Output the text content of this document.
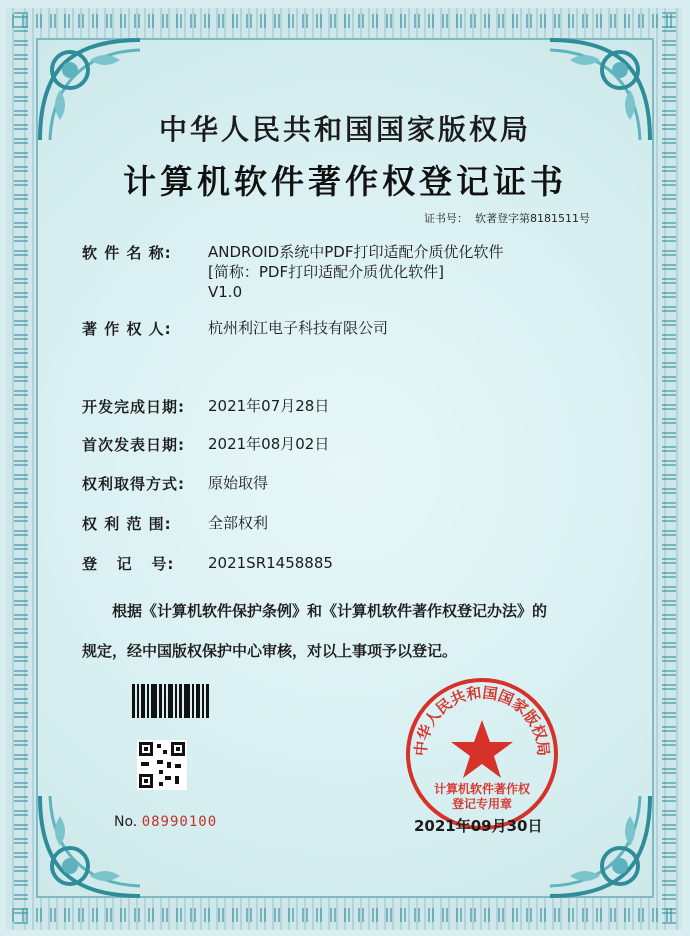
中华人民共和国国家版权局
计算机软件著作权登记证书
证书号： 软著登字第8181511号
软 件 名 称:	ANDROID系统中PDF打印适配介质优化软件
[简称：PDF打印适配介质优化软件]
V1.0
著 作 权 人:	杭州利江电子科技有限公司
开发完成日期:	2021年07月28日
首次发表日期:	2021年08月02日
权利取得方式:	原始取得
权 利 范 围:	全部权利
登   记   号:	2021SR1458885
根据《计算机软件保护条例》和《计算机软件著作权登记办法》的
规定，经中国版权保护中心审核，对以上事项予以登记。
No. 08990100
中华人民共和国国家版权局
计算机软件著作权
登记专用章
2021年09月30日
